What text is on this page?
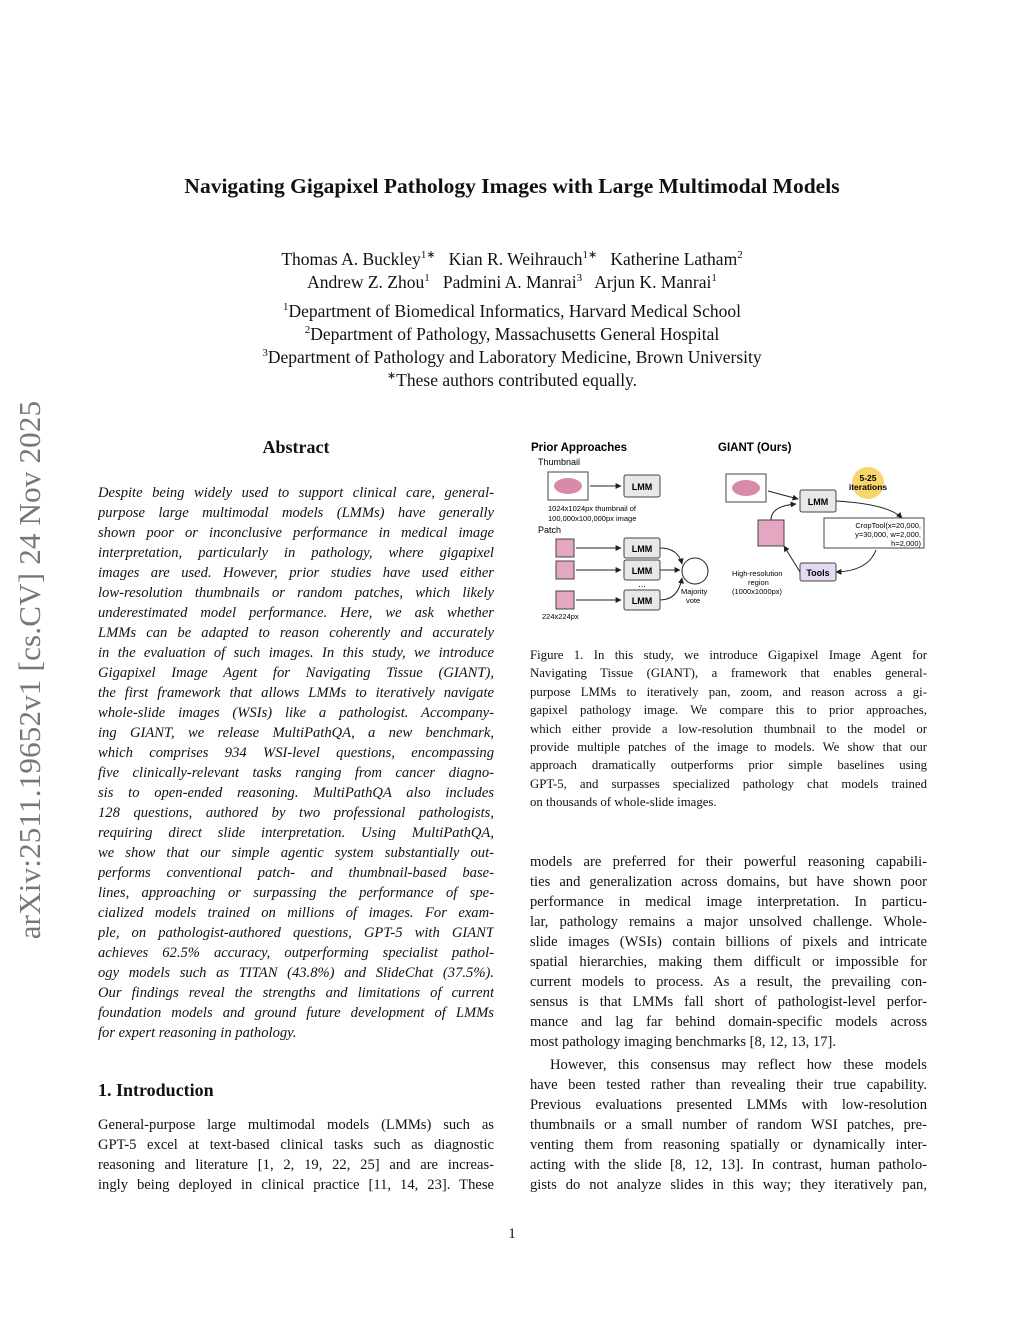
Navigating Gigapixel Pathology Images with Large Multimodal Models
Thomas A. Buckley$^{1∗}$ Kian R. Weihrauch$^{1∗}$ Katherine Latham$^2$
Andrew Z. Zhou$^1$ Padmini A. Manrai$^3$ Arjun K. Manrai$^1$
$^1$Department of Biomedical Informatics, Harvard Medical School
$^2$Department of Pathology, Massachusetts General Hospital
$^3$Department of Pathology and Laboratory Medicine, Brown University
∗These authors contributed equally.
arXiv:2511.19652v1 [cs.CV] 24 Nov 2025	Abstract
Despite being widely used to support clinical care, general-
purpose large multimodal models (LMMs) have generally
shown poor or inconclusive performance in medical image
interpretation, particularly in pathology, where gigapixel
images are used. However, prior studies have used either
low-resolution thumbnails or random patches, which likely
underestimated model performance. Here, we ask whether
LMMs can be adapted to reason coherently and accurately
in the evaluation of such images. In this study, we introduce
Gigapixel Image Agent for Navigating Tissue (GIANT),
the first framework that allows LMMs to iteratively navigate
whole-slide images (WSIs) like a pathologist. Accompany-
ing GIANT, we release MultiPathQA, a new benchmark,
which comprises 934 WSI-level questions, encompassing
five clinically-relevant tasks ranging from cancer diagno-
sis to open-ended reasoning. MultiPathQA also includes
128 questions, authored by two professional pathologists,
requiring direct slide interpretation. Using MultiPathQA,
we show that our simple agentic system substantially out-
performs conventional patch- and thumbnail-based base-
lines, approaching or surpassing the performance of spe-
cialized models trained on millions of images. For exam-
ple, on pathologist-authored questions, GPT-5 with GIANT
achieves 62.5% accuracy, outperforming specialist pathol-
ogy models such as TITAN (43.8%) and SlideChat (37.5%).
Our findings reveal the strengths and limitations of current
foundation models and ground future development of LMMs
for expert reasoning in pathology.
1. Introduction
General-purpose large multimodal models (LMMs) such as
GPT-5 excel at text-based clinical tasks such as diagnostic
reasoning and literature [1, 2, 19, 22, 25] and are increas-
ingly being deployed in clinical practice [11, 14, 23]. These
Prior Approaches	GIANT (Ours)
Thumbnail
LMM
1024x1024px thumbnail of
100,000x100,000px image
Patch
LMM
LMM
...
LMM
224x224px
Majority
vote
LMM
5-25
iterations
CropTool(x=20,000,
y=30,000, w=2,000,
h=2,000)
Tools
High-resolution
region
(1000x1000px)
Figure 1. In this study, we introduce Gigapixel Image Agent for
Navigating Tissue (GIANT), a framework that enables general-
purpose LMMs to iteratively pan, zoom, and reason across a gi-
gapixel pathology image. We compare this to prior approaches,
which either provide a low-resolution thumbnail to the model or
provide multiple patches of the image to models. We show that our
approach dramatically outperforms prior simple baselines using
GPT-5, and surpasses specialized pathology chat models trained
on thousands of whole-slide images.
models are preferred for their powerful reasoning capabili-
ties and generalization across domains, but have shown poor
performance in medical image interpretation. In particu-
lar, pathology remains a major unsolved challenge. Whole-
slide images (WSIs) contain billions of pixels and intricate
spatial hierarchies, making them difficult or impossible for
current models to process. As a result, the prevailing con-
sensus is that LMMs fall short of pathologist-level perfor-
mance and lag far behind domain-specific models across
most pathology imaging benchmarks [8, 12, 13, 17].
However, this consensus may reflect how these models
have been tested rather than revealing their true capability.
Previous evaluations presented LMMs with low-resolution
thumbnails or a small number of random WSI patches, pre-
venting them from reasoning spatially or dynamically inter-
acting with the slide [8, 12, 13]. In contrast, human patholo-
gists do not analyze slides in this way; they iteratively pan,
1
